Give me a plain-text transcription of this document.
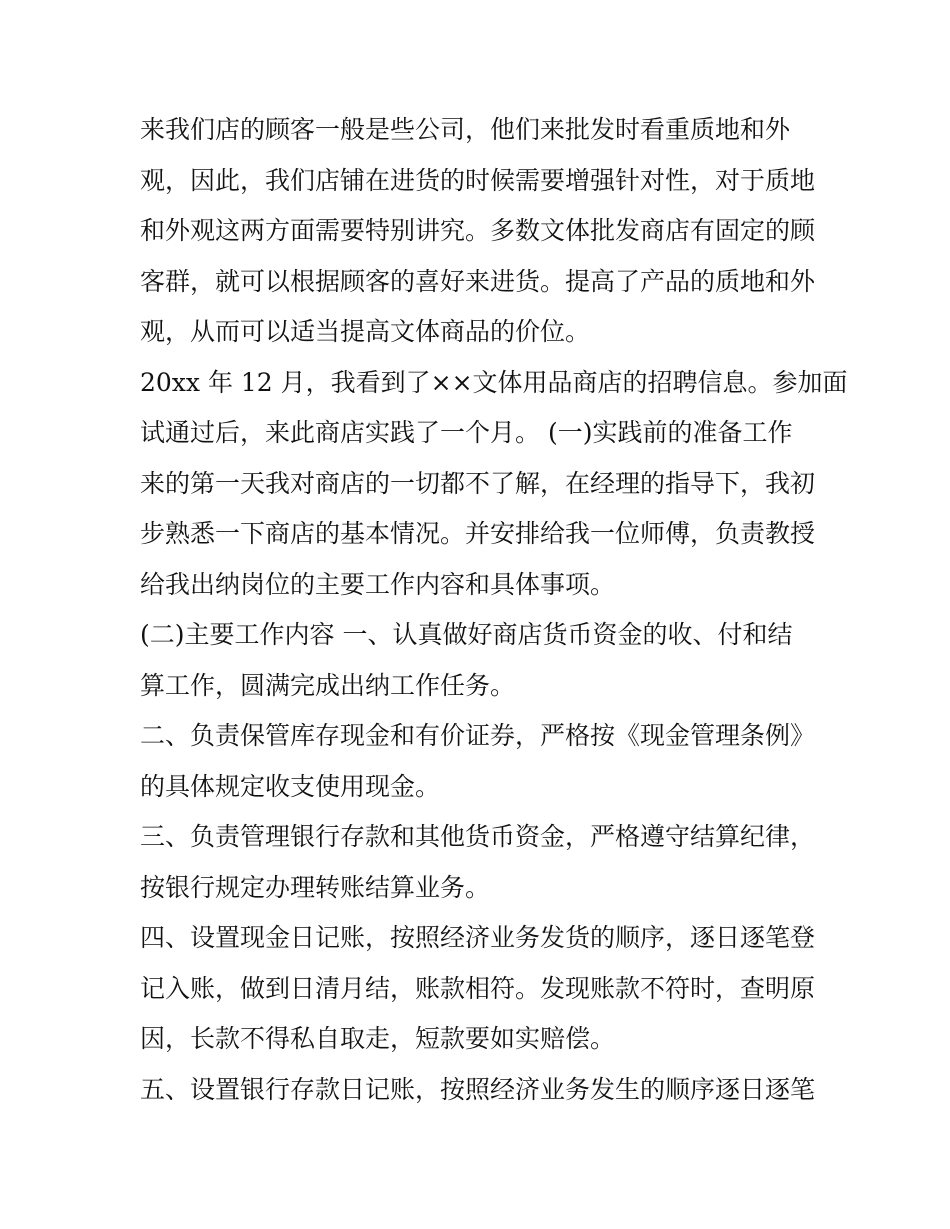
来我们店的顾客一般是些公司，他们来批发时看重质地和外
观，因此，我们店铺在进货的时候需要增强针对性，对于质地
和外观这两方面需要特别讲究。多数文体批发商店有固定的顾
客群，就可以根据顾客的喜好来进货。提高了产品的质地和外
观，从而可以适当提高文体商品的价位。
20xx 年 12 月，我看到了××文体用品商店的招聘信息。参加面
试通过后，来此商店实践了一个月。 (一)实践前的准备工作
来的第一天我对商店的一切都不了解，在经理的指导下，我初
步熟悉一下商店的基本情况。并安排给我一位师傅，负责教授
给我出纳岗位的主要工作内容和具体事项。
(二)主要工作内容 一、认真做好商店货币资金的收、付和结
算工作，圆满完成出纳工作任务。
二、负责保管库存现金和有价证券，严格按《现金管理条例》
的具体规定收支使用现金。
三、负责管理银行存款和其他货币资金，严格遵守结算纪律，
按银行规定办理转账结算业务。
四、设置现金日记账，按照经济业务发货的顺序，逐日逐笔登
记入账，做到日清月结，账款相符。发现账款不符时，查明原
因，长款不得私自取走，短款要如实赔偿。
五、设置银行存款日记账，按照经济业务发生的顺序逐日逐笔
